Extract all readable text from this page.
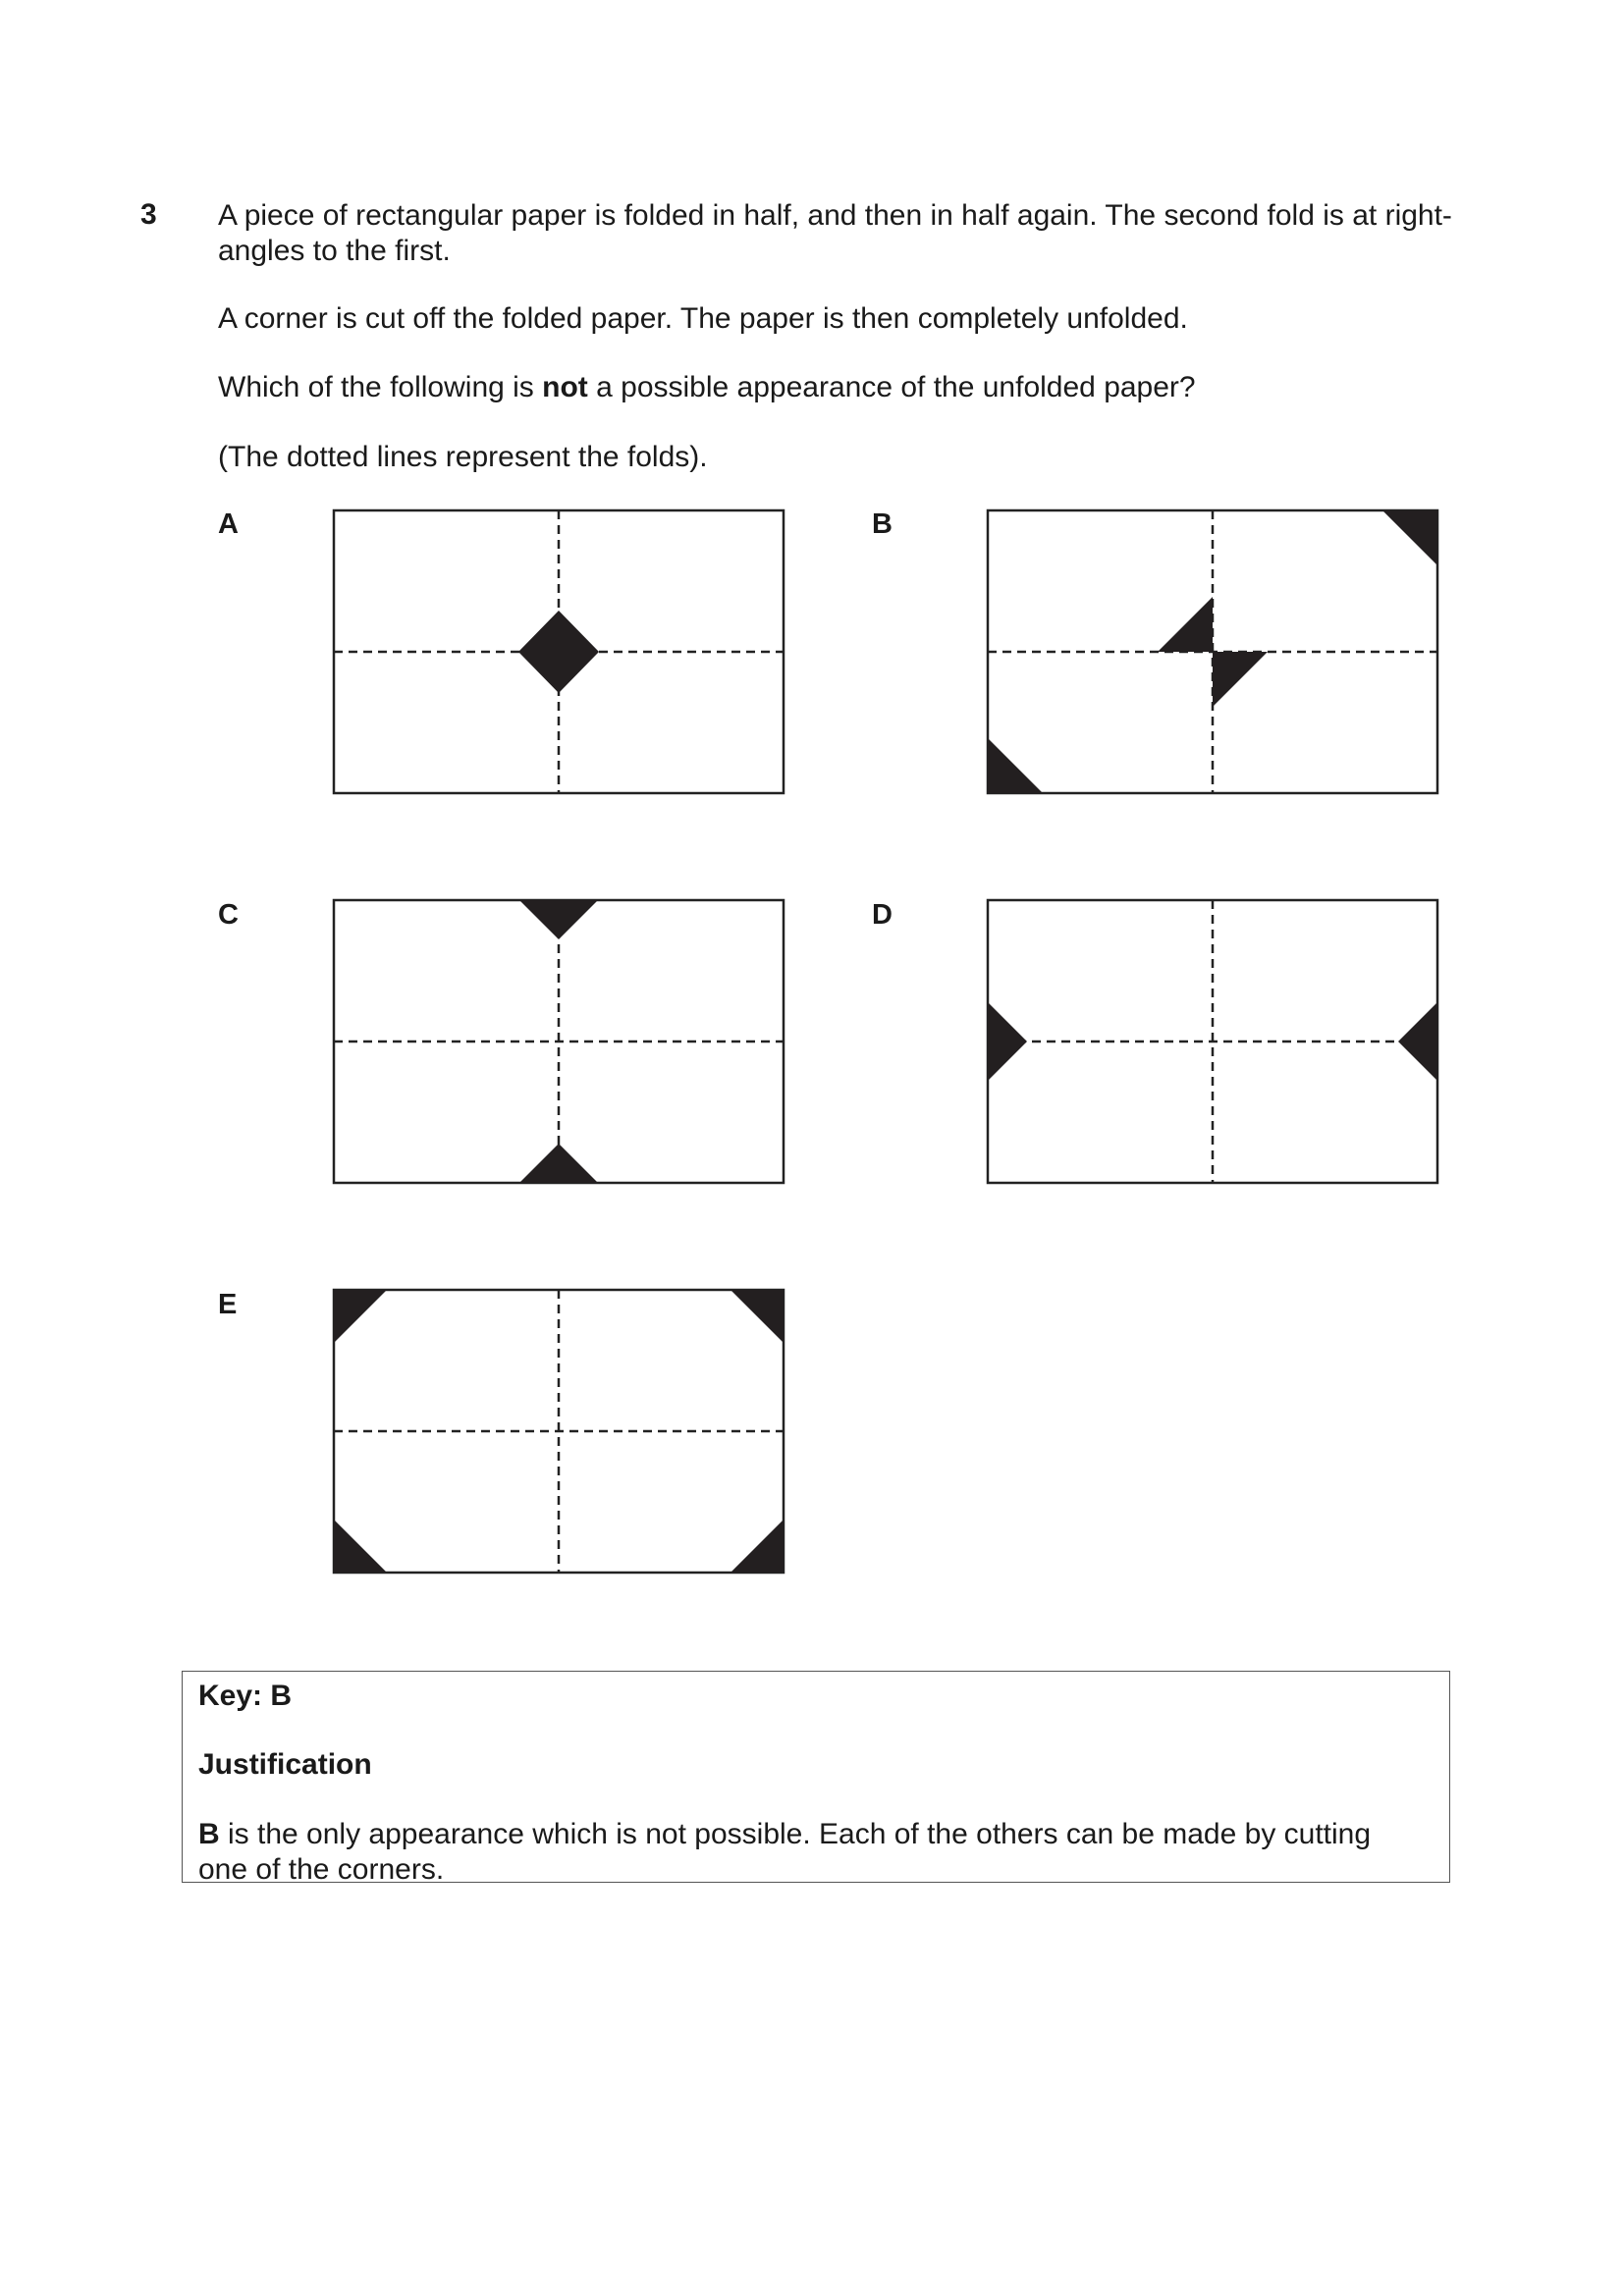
3 A piece of rectangular paper is folded in half, and then in half again. The second fold is at right-angles to the first.

A corner is cut off the folded paper. The paper is then completely unfolded.

Which of the following is not a possible appearance of the unfolded paper?

(The dotted lines represent the folds).

A	B
C	D
E
Key: B
Justification

B is the only appearance which is not possible. Each of the others can be made by cutting one of the corners.
